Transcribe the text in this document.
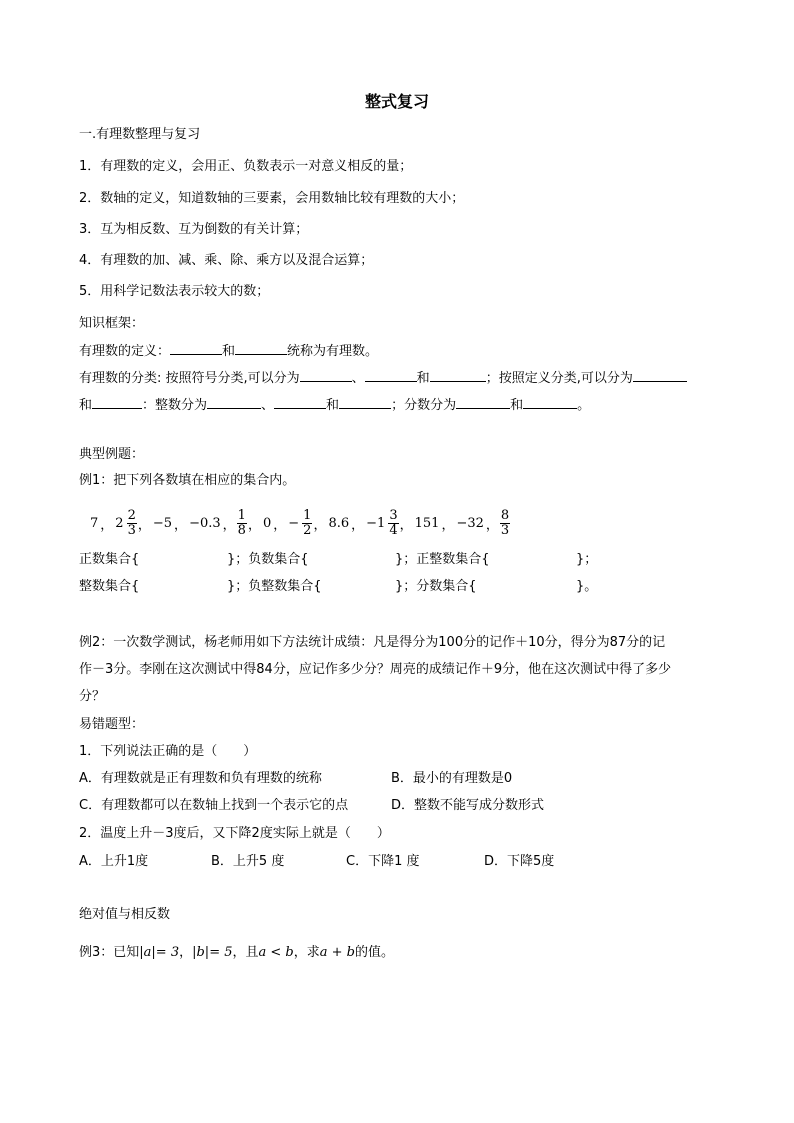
整式复习
一.有理数整理与复习
1．有理数的定义，会用正、负数表示一对意义相反的量；
2．数轴的定义，知道数轴的三要素，会用数轴比较有理数的大小；
3．互为相反数、互为倒数的有关计算；
4．有理数的加、减、乘、除、乘方以及混合运算；
5．用科学记数法表示较大的数；
知识框架：
有理数的定义：	和	统称为有理数。
有理数的分类: 按照符号分类,可以分为	、	和	；按照定义分类,可以分为
和	：整数分为	、	和	；分数分为	和	。
典型例题：
例1：把下列各数填在相应的集合内。
7 ， $2 \frac{2}{3}$ ， −5 ， −0.3 ， $\frac{1}{8}$ ， 0 ， − $\frac{1}{2}$ ， 8.6 ， $-1 \frac{3}{4}$ ， 151 ， −32 ， $\frac{8}{3}$
正数集合{	}；负数集合{	}；正整数集合{	}；
整数集合{	}；负整数集合{	}；分数集合{	}。
例2：一次数学测试，杨老师用如下方法统计成绩：凡是得分为100分的记作＋10分，得分为87分的记
作－3分。李刚在这次测试中得84分，应记作多少分？周亮的成绩记作＋9分，他在这次测试中得了多少
分？
易错题型：
1．下列说法正确的是（　　）
A．有理数就是正有理数和负有理数的统称	B．最小的有理数是0
C．有理数都可以在数轴上找到一个表示它的点	D．整数不能写成分数形式
2．温度上升－3度后，又下降2度实际上就是（　　）
A．上升1度	B．上升5 度	C．下降1 度	D．下降5度
绝对值与相反数
例3：已知|a|= 3，|b|= 5，且a < b，求a + b的值。
